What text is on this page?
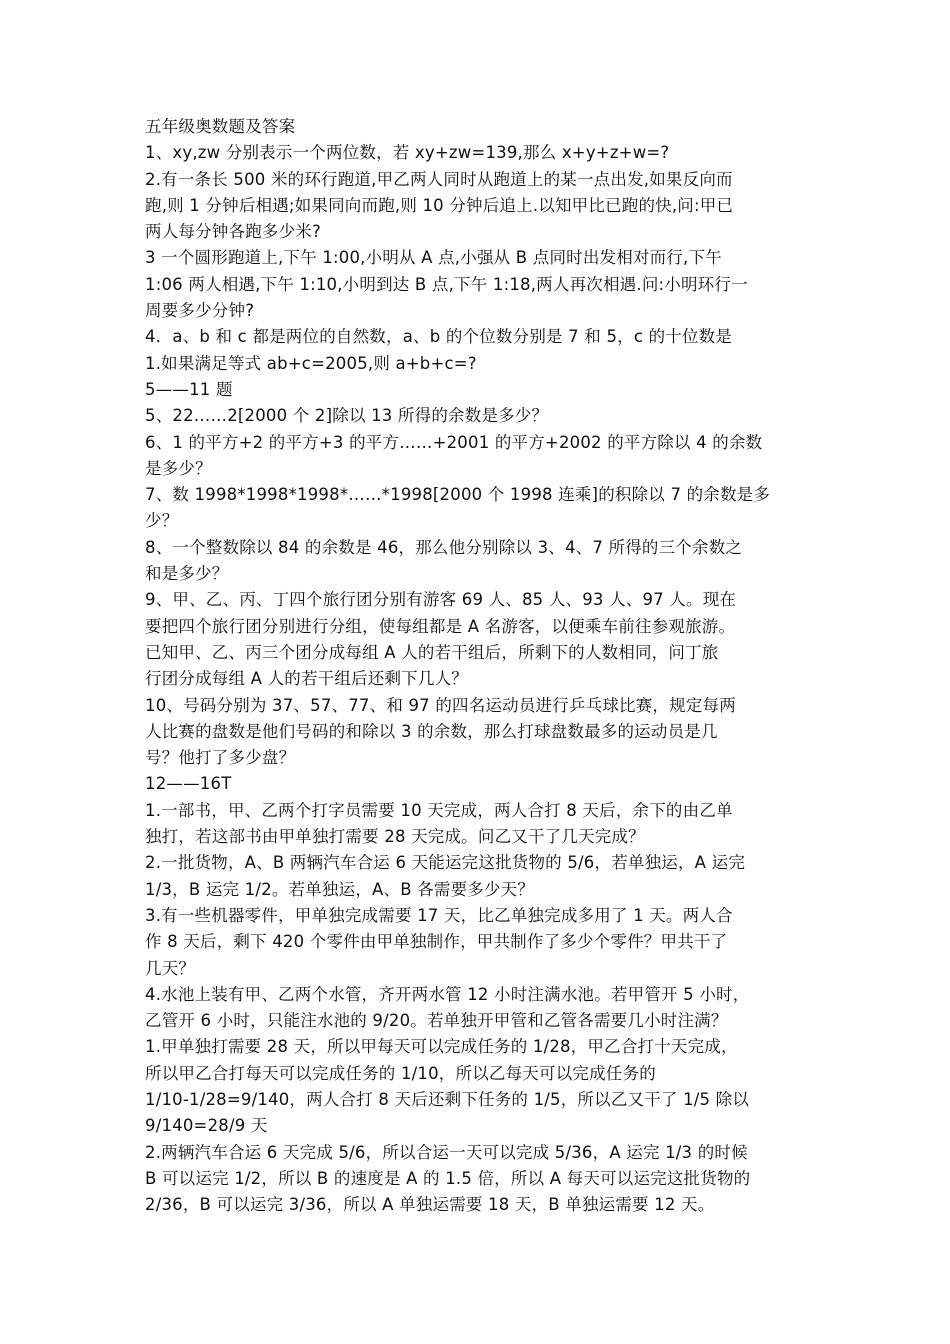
五年级奥数题及答案
1、xy,zw 分别表示一个两位数，若 xy+zw=139,那么 x+y+z+w=?
2.有一条长 500 米的环行跑道,甲乙两人同时从跑道上的某一点出发,如果反向而
跑,则 1 分钟后相遇;如果同向而跑,则 10 分钟后追上.以知甲比已跑的快,问:甲已
两人每分钟各跑多少米?
3 一个圆形跑道上,下午 1:00,小明从 A 点,小强从 B 点同时出发相对而行,下午
1:06 两人相遇,下午 1:10,小明到达 B 点,下午 1:18,两人再次相遇.问:小明环行一
周要多少分钟?
4．a、b 和 c 都是两位的自然数，a、b 的个位数分别是 7 和 5，c 的十位数是
1.如果满足等式 ab+c=2005,则 a+b+c=?
5——11 题
5、22……2[2000 个 2]除以 13 所得的余数是多少？
6、1 的平方+2 的平方+3 的平方……+2001 的平方+2002 的平方除以 4 的余数
是多少？
7、数 1998*1998*1998*……*1998[2000 个 1998 连乘]的积除以 7 的余数是多
少？
8、一个整数除以 84 的余数是 46，那么他分别除以 3、4、7 所得的三个余数之
和是多少？
9、甲、乙、丙、丁四个旅行团分别有游客 69 人、85 人、93 人、97 人。现在
要把四个旅行团分别进行分组，使每组都是 A 名游客，以便乘车前往参观旅游。
已知甲、乙、丙三个团分成每组 A 人的若干组后，所剩下的人数相同，问丁旅
行团分成每组 A 人的若干组后还剩下几人？
10、号码分别为 37、57、77、和 97 的四名运动员进行乒乓球比赛，规定每两
人比赛的盘数是他们号码的和除以 3 的余数，那么打球盘数最多的运动员是几
号？他打了多少盘？
12——16T
1.一部书，甲、乙两个打字员需要 10 天完成，两人合打 8 天后，余下的由乙单
独打，若这部书由甲单独打需要 28 天完成。问乙又干了几天完成？
2.一批货物，A、B 两辆汽车合运 6 天能运完这批货物的 5/6，若单独运，A 运完
1/3，B 运完 1/2。若单独运，A、B 各需要多少天？
3.有一些机器零件，甲单独完成需要 17 天，比乙单独完成多用了 1 天。两人合
作 8 天后，剩下 420 个零件由甲单独制作，甲共制作了多少个零件？甲共干了
几天？
4.水池上装有甲、乙两个水管，齐开两水管 12 小时注满水池。若甲管开 5 小时，
乙管开 6 小时，只能注水池的 9/20。若单独开甲管和乙管各需要几小时注满？
1.甲单独打需要 28 天，所以甲每天可以完成任务的 1/28，甲乙合打十天完成，
所以甲乙合打每天可以完成任务的 1/10，所以乙每天可以完成任务的
1/10-1/28=9/140，两人合打 8 天后还剩下任务的 1/5，所以乙又干了 1/5 除以
9/140=28/9 天
2.两辆汽车合运 6 天完成 5/6，所以合运一天可以完成 5/36，A 运完 1/3 的时候
B 可以运完 1/2，所以 B 的速度是 A 的 1.5 倍，所以 A 每天可以运完这批货物的
2/36，B 可以运完 3/36，所以 A 单独运需要 18 天，B 单独运需要 12 天。
